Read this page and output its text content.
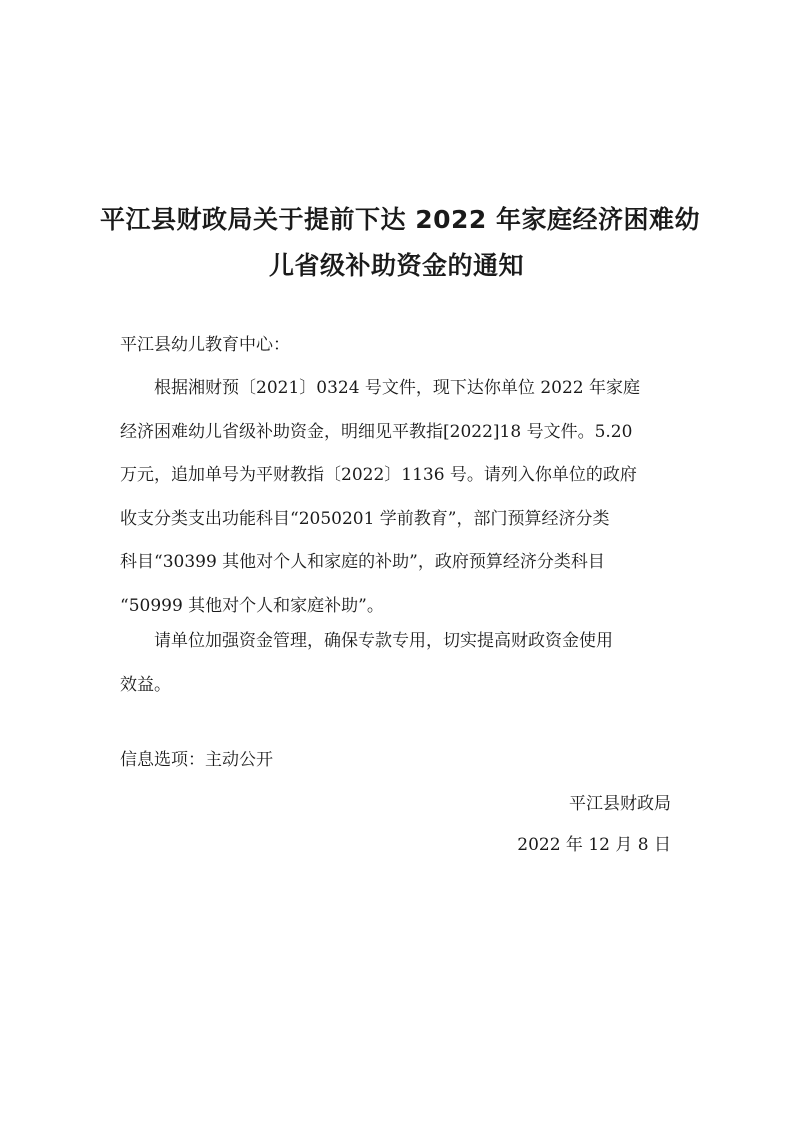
平江县财政局关于提前下达 2022 年家庭经济困难幼
儿省级补助资金的通知
平江县幼儿教育中心：
根据湘财预〔2021〕0324 号文件，现下达你单位 2022 年家庭
经济困难幼儿省级补助资金，明细见平教指[2022]18 号文件。5.20
万元，追加单号为平财教指〔2022〕1136 号。请列入你单位的政府
收支分类支出功能科目“2050201 学前教育”，部门预算经济分类
科目“30399 其他对个人和家庭的补助”，政府预算经济分类科目
“50999 其他对个人和家庭补助”。
请单位加强资金管理，确保专款专用，切实提高财政资金使用
效益。
信息选项：主动公开
平江县财政局
2022 年 12 月 8 日
